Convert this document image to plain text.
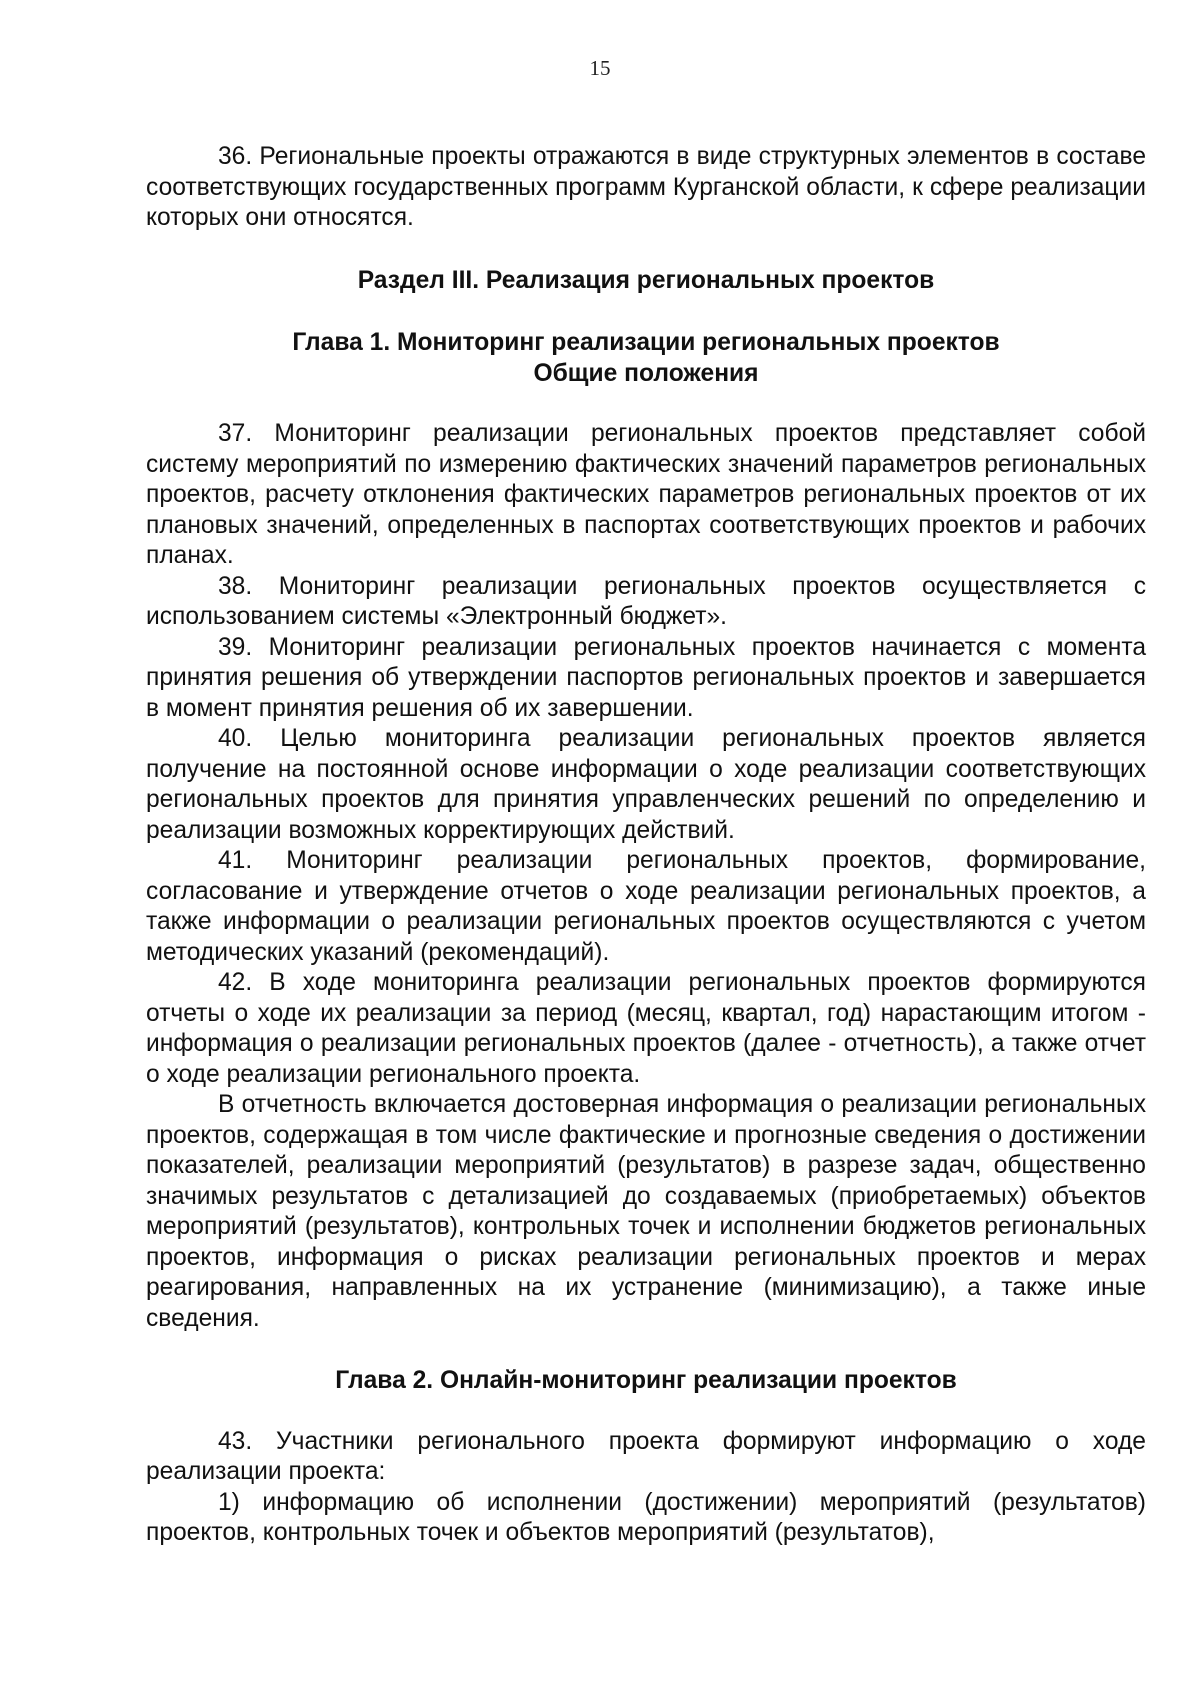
15

36. Региональные проекты отражаются в виде структурных элементов в составе соответствующих государственных программ Курганской области, к сфере реализации которых они относятся.

Раздел III. Реализация региональных проектов

Глава 1. Мониторинг реализации региональных проектов

Общие положения

37. Мониторинг реализации региональных проектов представляет собой систему мероприятий по измерению фактических значений параметров региональных проектов, расчету отклонения фактических параметров региональных проектов от их плановых значений, определенных в паспортах соответствующих проектов и рабочих планах.

38. Мониторинг реализации региональных проектов осуществляется с использованием системы «Электронный бюджет».

39. Мониторинг реализации региональных проектов начинается с момента принятия решения об утверждении паспортов региональных проектов и завершается в момент принятия решения об их завершении.

40. Целью мониторинга реализации региональных проектов является получение на постоянной основе информации о ходе реализации соответствующих региональных проектов для принятия управленческих решений по определению и реализации возможных корректирующих действий.

41. Мониторинг реализации региональных проектов, формирование, согласование и утверждение отчетов о ходе реализации региональных проектов, а также информации о реализации региональных проектов осуществляются с учетом методических указаний (рекомендаций).

42. В ходе мониторинга реализации региональных проектов формируются отчеты о ходе их реализации за период (месяц, квартал, год) нарастающим итогом - информация о реализации региональных проектов (далее - отчетность), а также отчет о ходе реализации регионального проекта.

В отчетность включается достоверная информация о реализации региональных проектов, содержащая в том числе фактические и прогнозные сведения о достижении показателей, реализации мероприятий (результатов) в разрезе задач, общественно значимых результатов с детализацией до создаваемых (приобретаемых) объектов мероприятий (результатов), контрольных точек и исполнении бюджетов региональных проектов, информация о рисках реализации региональных проектов и мерах реагирования, направленных на их устранение (минимизацию), а также иные сведения.

Глава 2. Онлайн-мониторинг реализации проектов

43. Участники регионального проекта формируют информацию о ходе реализации проекта:

1) информацию об исполнении (достижении) мероприятий (результатов) проектов, контрольных точек и объектов мероприятий (результатов),
